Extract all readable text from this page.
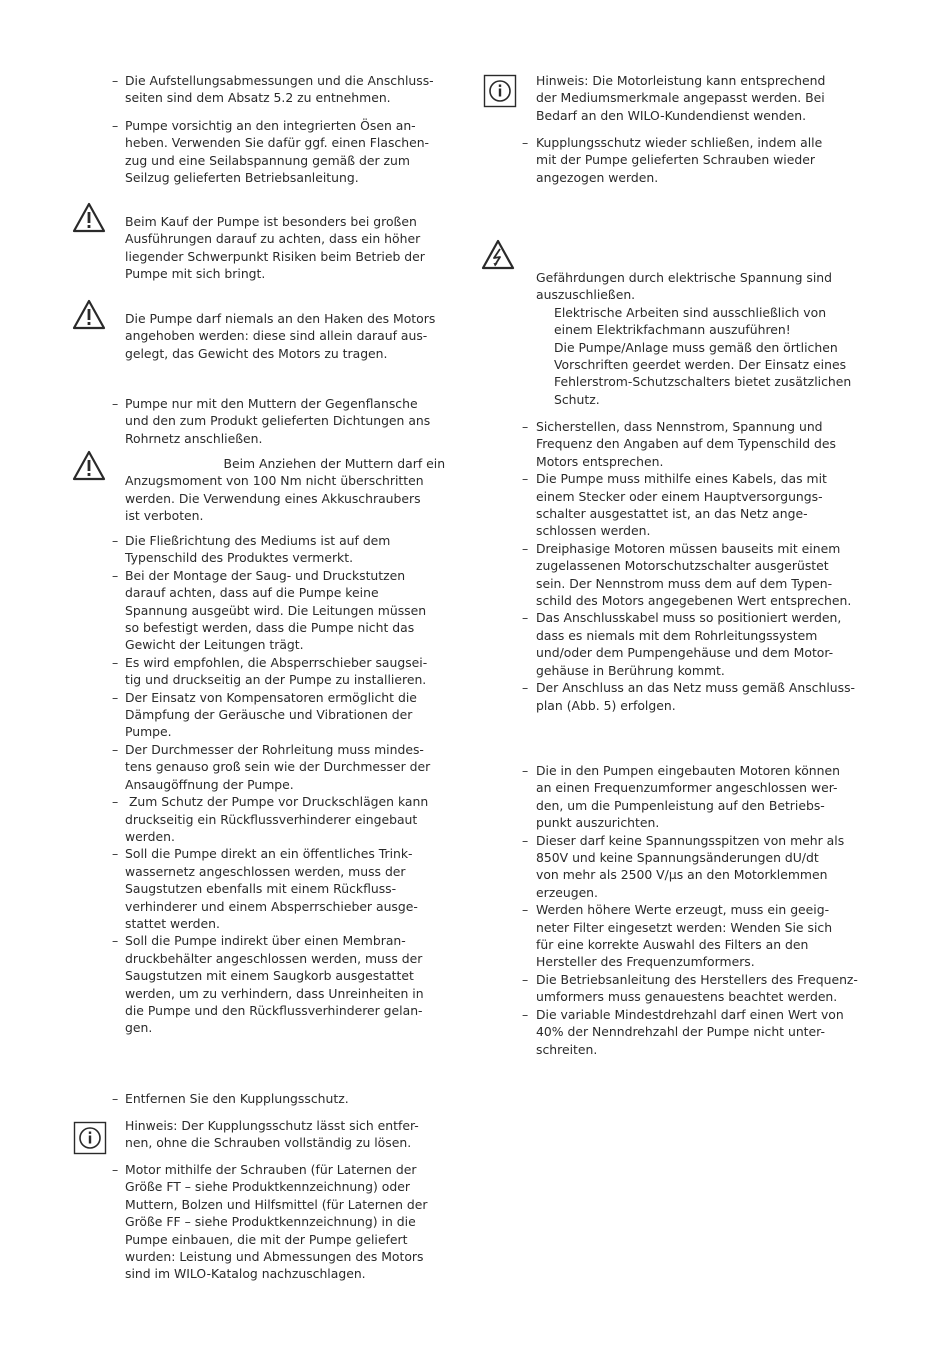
– Die Aufstellungsabmessungen und die Anschluss-
seiten sind dem Absatz 5.2 zu entnehmen.
– Pumpe vorsichtig an den integrierten Ösen an-
heben. Verwenden Sie dafür ggf. einen Flaschen-
zug und eine Seilabspannung gemäß der zum
Seilzug gelieferten Betriebsanleitung.
Beim Kauf der Pumpe ist besonders bei großen
Ausführungen darauf zu achten, dass ein höher
liegender Schwerpunkt Risiken beim Betrieb der
Pumpe mit sich bringt.
Die Pumpe darf niemals an den Haken des Motors
angehoben werden: diese sind allein darauf aus-
gelegt, das Gewicht des Motors zu tragen.
– Pumpe nur mit den Muttern der Gegenflansche
und den zum Produkt gelieferten Dichtungen ans
Rohrnetz anschließen.
Beim Anziehen der Muttern darf ein
Anzugsmoment von 100 Nm nicht überschritten
werden. Die Verwendung eines Akkuschraubers
ist verboten.
– Die Fließrichtung des Mediums ist auf dem
Typenschild des Produktes vermerkt.
– Bei der Montage der Saug- und Druckstutzen
darauf achten, dass auf die Pumpe keine
Spannung ausgeübt wird. Die Leitungen müssen
so befestigt werden, dass die Pumpe nicht das
Gewicht der Leitungen trägt.
– Es wird empfohlen, die Absperrschieber saugsei-
tig und druckseitig an der Pumpe zu installieren.
– Der Einsatz von Kompensatoren ermöglicht die
Dämpfung der Geräusche und Vibrationen der
Pumpe.
– Der Durchmesser der Rohrleitung muss mindes-
tens genauso groß sein wie der Durchmesser der
Ansaugöffnung der Pumpe.
– Zum Schutz der Pumpe vor Druckschlägen kann
druckseitig ein Rückflussverhinderer eingebaut
werden.
– Soll die Pumpe direkt an ein öffentliches Trink-
wassernetz angeschlossen werden, muss der
Saugstutzen ebenfalls mit einem Rückfluss-
verhinderer und einem Absperrschieber ausge-
stattet werden.
– Soll die Pumpe indirekt über einen Membran-
druckbehälter angeschlossen werden, muss der
Saugstutzen mit einem Saugkorb ausgestattet
werden, um zu verhindern, dass Unreinheiten in
die Pumpe und den Rückflussverhinderer gelan-
gen.
– Entfernen Sie den Kupplungsschutz.
Hinweis: Der Kupplungsschutz lässt sich entfer-
nen, ohne die Schrauben vollständig zu lösen.
– Motor mithilfe der Schrauben (für Laternen der
Größe FT – siehe Produktkennzeichnung) oder
Muttern, Bolzen und Hilfsmittel (für Laternen der
Größe FF – siehe Produktkennzeichnung) in die
Pumpe einbauen, die mit der Pumpe geliefert
wurden: Leistung und Abmessungen des Motors
sind im WILO-Katalog nachzuschlagen.
Hinweis: Die Motorleistung kann entsprechend
der Mediumsmerkmale angepasst werden. Bei
Bedarf an den WILO-Kundendienst wenden.
– Kupplungsschutz wieder schließen, indem alle
mit der Pumpe gelieferten Schrauben wieder
angezogen werden.
Gefährdungen durch elektrische Spannung sind
auszuschließen.
Elektrische Arbeiten sind ausschließlich von
einem Elektrikfachmann auszuführen!
Die Pumpe/Anlage muss gemäß den örtlichen
Vorschriften geerdet werden. Der Einsatz eines
Fehlerstrom-Schutzschalters bietet zusätzlichen
Schutz.
– Sicherstellen, dass Nennstrom, Spannung und
Frequenz den Angaben auf dem Typenschild des
Motors entsprechen.
– Die Pumpe muss mithilfe eines Kabels, das mit
einem Stecker oder einem Hauptversorgungs-
schalter ausgestattet ist, an das Netz ange-
schlossen werden.
– Dreiphasige Motoren müssen bauseits mit einem
zugelassenen Motorschutzschalter ausgerüstet
sein. Der Nennstrom muss dem auf dem Typen-
schild des Motors angegebenen Wert entsprechen.
– Das Anschlusskabel muss so positioniert werden,
dass es niemals mit dem Rohrleitungssystem
und/oder dem Pumpengehäuse und dem Motor-
gehäuse in Berührung kommt.
– Der Anschluss an das Netz muss gemäß Anschluss-
plan (Abb. 5) erfolgen.
– Die in den Pumpen eingebauten Motoren können
an einen Frequenzumformer angeschlossen wer-
den, um die Pumpenleistung auf den Betriebs-
punkt auszurichten.
– Dieser darf keine Spannungsspitzen von mehr als
850V und keine Spannungsänderungen dU/dt
von mehr als 2500 V/µs an den Motorklemmen
erzeugen.
– Werden höhere Werte erzeugt, muss ein geeig-
neter Filter eingesetzt werden: Wenden Sie sich
für eine korrekte Auswahl des Filters an den
Hersteller des Frequenzumformers.
– Die Betriebsanleitung des Herstellers des Frequenz-
umformers muss genauestens beachtet werden.
– Die variable Mindestdrehzahl darf einen Wert von
40% der Nenndrehzahl der Pumpe nicht unter-
schreiten.
